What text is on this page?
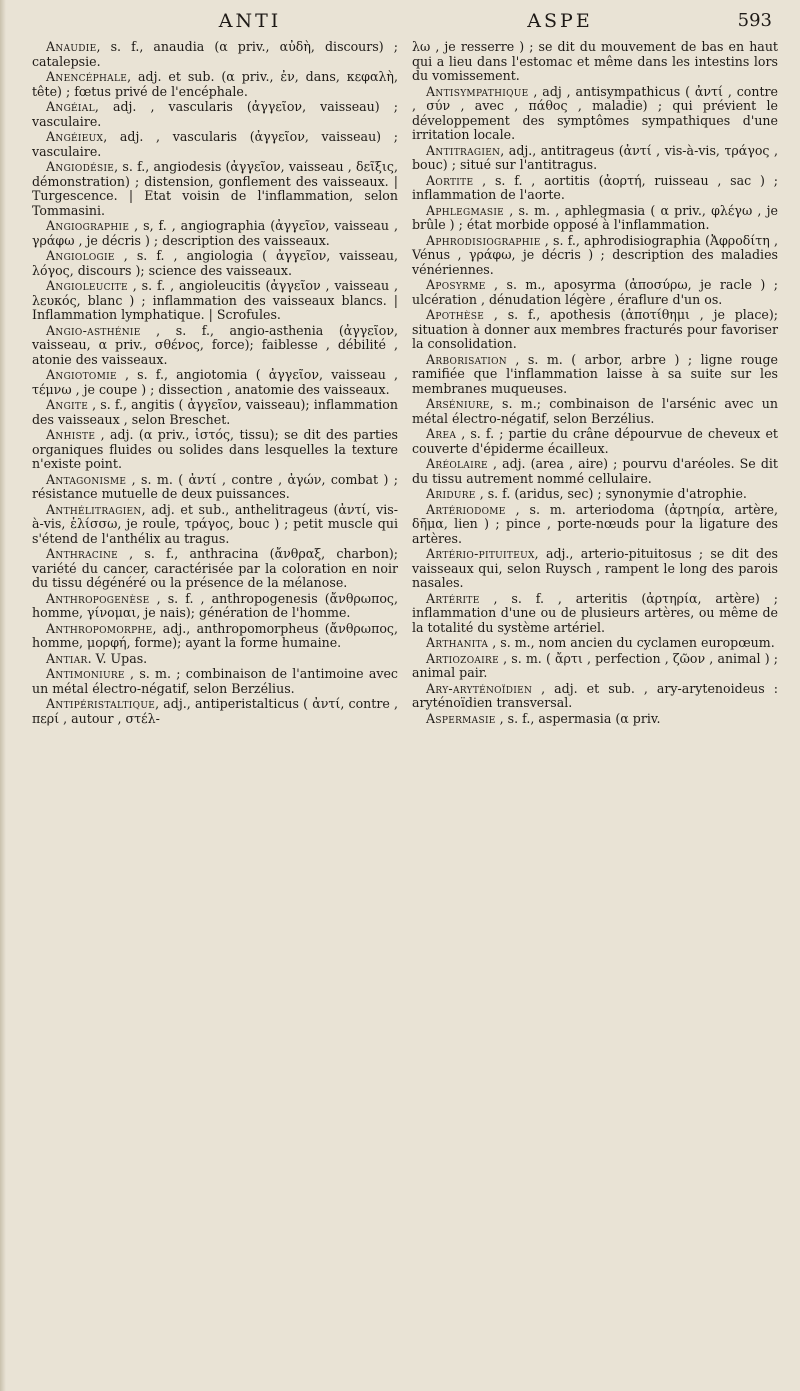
ANTI	ASPE	593

Anaudie, s. f., anaudia (α priv., αὐδὴ, discours) ; catalepsie.

Anencéphale, adj. et sub. (α priv., ἐν, dans, κεφαλὴ, tête) ; fœtus privé de l'encéphale.

Angéial, adj. , vascularis (ἀγγεῖον, vaisseau) ; vasculaire.

Angéieux, adj. , vascularis (ἀγγεῖον, vaisseau) ; vasculaire.

Angiodésie, s. f., angiodesis (ἀγγεῖον, vaisseau , δεῖξις, démonstration) ; distension, gonflement des vaisseaux. | Turgescence. | Etat voisin de l'inflammation, selon Tommasini.

Angiographie , s, f. , angiographia (ἀγγεῖον, vaisseau , γράφω , je décris ) ; description des vaisseaux.

Angiologie , s. f. , angiologia ( ἀγγεῖον, vaisseau, λόγος, discours ); science des vaisseaux.

Angioleucite , s. f. , angioleucitis (ἀγγεῖον , vaisseau , λευκός, blanc ) ; inflammation des vaisseaux blancs. | Inflammation lymphatique. | Scrofules.

Angio-asthénie , s. f., angio-asthenia (ἀγγεῖον, vaisseau, α priv., σθένος, force); faiblesse , débilité , atonie des vaisseaux.

Angiotomie , s. f., angiotomia ( ἀγγεῖον, vaisseau , τέμνω , je coupe ) ; dissection , anatomie des vaisseaux.

Angite , s. f., angitis ( ἀγγεῖον, vaisseau); inflammation des vaisseaux , selon Breschet.

Anhiste , adj. (α priv., ἱστός, tissu); se dit des parties organiques fluides ou solides dans lesquelles la texture n'existe point.

Antagonisme , s. m. ( ἀντί , contre , ἀγών, combat ) ; résistance mutuelle de deux puissances.

Anthélitragien, adj. et sub., anthelitrageus (ἀντί, vis-à-vis, ἑλίσσω, je roule, τράγος, bouc ) ; petit muscle qui s'étend de l'anthélix au tragus.

Anthracine , s. f., anthracina (ἄνθραξ, charbon); variété du cancer, caractérisée par la coloration en noir du tissu dégénéré ou la présence de la mélanose.

Anthropogenèse , s. f. , anthropogenesis (ἄνθρωπος, homme, γίνομαι, je nais); génération de l'homme.

Anthropomorphe, adj., anthropomorpheus (ἄνθρωπος, homme, μορφή, forme); ayant la forme humaine.

Antiar. V. Upas.

Antimoniure , s. m. ; combinaison de l'antimoine avec un métal électro-négatif, selon Berzélius.

Antipéristaltique, adj., antiperistalticus ( ἀντί, contre , περί , autour , στέλ-

λω , je resserre ) ; se dit du mouvement de bas en haut qui a lieu dans l'estomac et même dans les intestins lors du vomissement.

Antisympathique , adj , antisympathicus ( ἀντί , contre , σύν , avec , πάθος , maladie) ; qui prévient le développement des symptômes sympathiques d'une irritation locale.

Antitragien, adj., antitrageus (ἀντί , vis-à-vis, τράγος , bouc) ; situé sur l'antitragus.

Aortite , s. f. , aortitis (ἀορτή, ruisseau , sac ) ; inflammation de l'aorte.

Aphlegmasie , s. m. , aphlegmasia ( α priv., φλέγω , je brûle ) ; état morbide opposé à l'inflammation.

Aphrodisiographie , s. f., aphrodisiographia (Ἀφροδίτη , Vénus , γράφω, je décris ) ; description des maladies vénériennes.

Aposyrme , s. m., aposyrma (ἀποσύρω, je racle ) ; ulcération , dénudation légère , éraflure d'un os.

Apothèse , s. f., apothesis (ἀποτίθημι , je place); situation à donner aux membres fracturés pour favoriser la consolidation.

Arborisation , s. m. ( arbor, arbre ) ; ligne rouge ramifiée que l'inflammation laisse à sa suite sur les membranes muqueuses.

Arséniure, s. m.; combinaison de l'arsénic avec un métal électro-négatif, selon Berzélius.

Area , s. f. ; partie du crâne dépourvue de cheveux et couverte d'épiderme écailleux.

Aréolaire , adj. (area , aire) ; pourvu d'aréoles. Se dit du tissu autrement nommé cellulaire.

Aridure , s. f. (aridus, sec) ; synonymie d'atrophie.

Artériodome , s. m. arteriodoma (ἀρτηρία, artère, δῆμα, lien ) ; pince , porte-nœuds pour la ligature des artères.

Artério-pituiteux, adj., arterio-pituitosus ; se dit des vaisseaux qui, selon Ruysch , rampent le long des parois nasales.

Artérite , s. f. , arteritis (ἀρτηρία, artère) ; inflammation d'une ou de plusieurs artères, ou même de la totalité du système artériel.

Arthanita , s. m., nom ancien du cyclamen europœum.

Artiozoaire , s. m. ( ἄρτι , perfection , ζῶον , animal ) ; animal pair.

Ary-aryténoïdien , adj. et sub. , ary-arytenoideus : aryténoïdien transversal.

Aspermasie , s. f., aspermasia (α priv.
